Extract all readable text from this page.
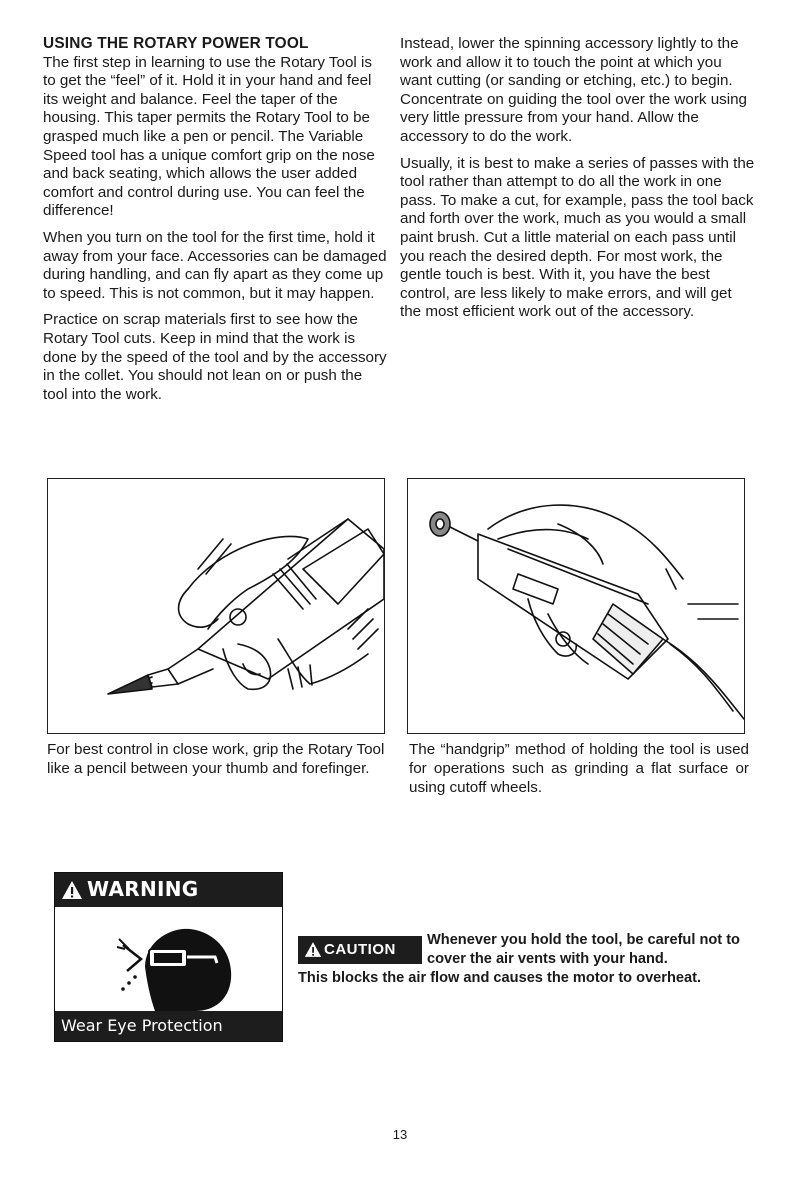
USING THE ROTARY POWER TOOL

The first step in learning to use the Rotary Tool is to get the “feel” of it. Hold it in your hand and feel its weight and balance. Feel the taper of the housing. This taper permits the Rotary Tool to be grasped much like a pen or pencil. The Variable Speed tool has a unique comfort grip on the nose and back seating, which allows the user added comfort and control during use. You can feel the difference!

When you turn on the tool for the first time, hold it away from your face. Accessories can be damaged during handling, and can fly apart as they come up to speed. This is not common, but it may happen.

Practice on scrap materials first to see how the Rotary Tool cuts. Keep in mind that the work is done by the speed of the tool and by the accessory in the collet. You should not lean on or push the tool into the work.

Instead, lower the spinning accessory lightly to the work and allow it to touch the point at which you want cutting (or sanding or etching, etc.) to begin. Concentrate on guiding the tool over the work using very little pressure from your hand. Allow the accessory to do the work.

Usually, it is best to make a series of passes with the tool rather than attempt to do all the work in one pass. To make a cut, for example, pass the tool back and forth over the work, much as you would a small paint brush. Cut a little material on each pass until you reach the desired depth. For most work, the gentle touch is best. With it, you have the best control, are less likely to make errors, and will get the most efficient work out of the accessory.

For best control in close work, grip the Rotary Tool like a pencil between your thumb and forefinger.
The “handgrip” method of holding the tool is used for operations such as grinding a flat surface or using cutoff wheels.
WARNING
Wear Eye Protection
CAUTION
Whenever you hold the tool, be careful not to cover the air vents with your hand.
This blocks the air flow and causes the motor to overheat.
13
